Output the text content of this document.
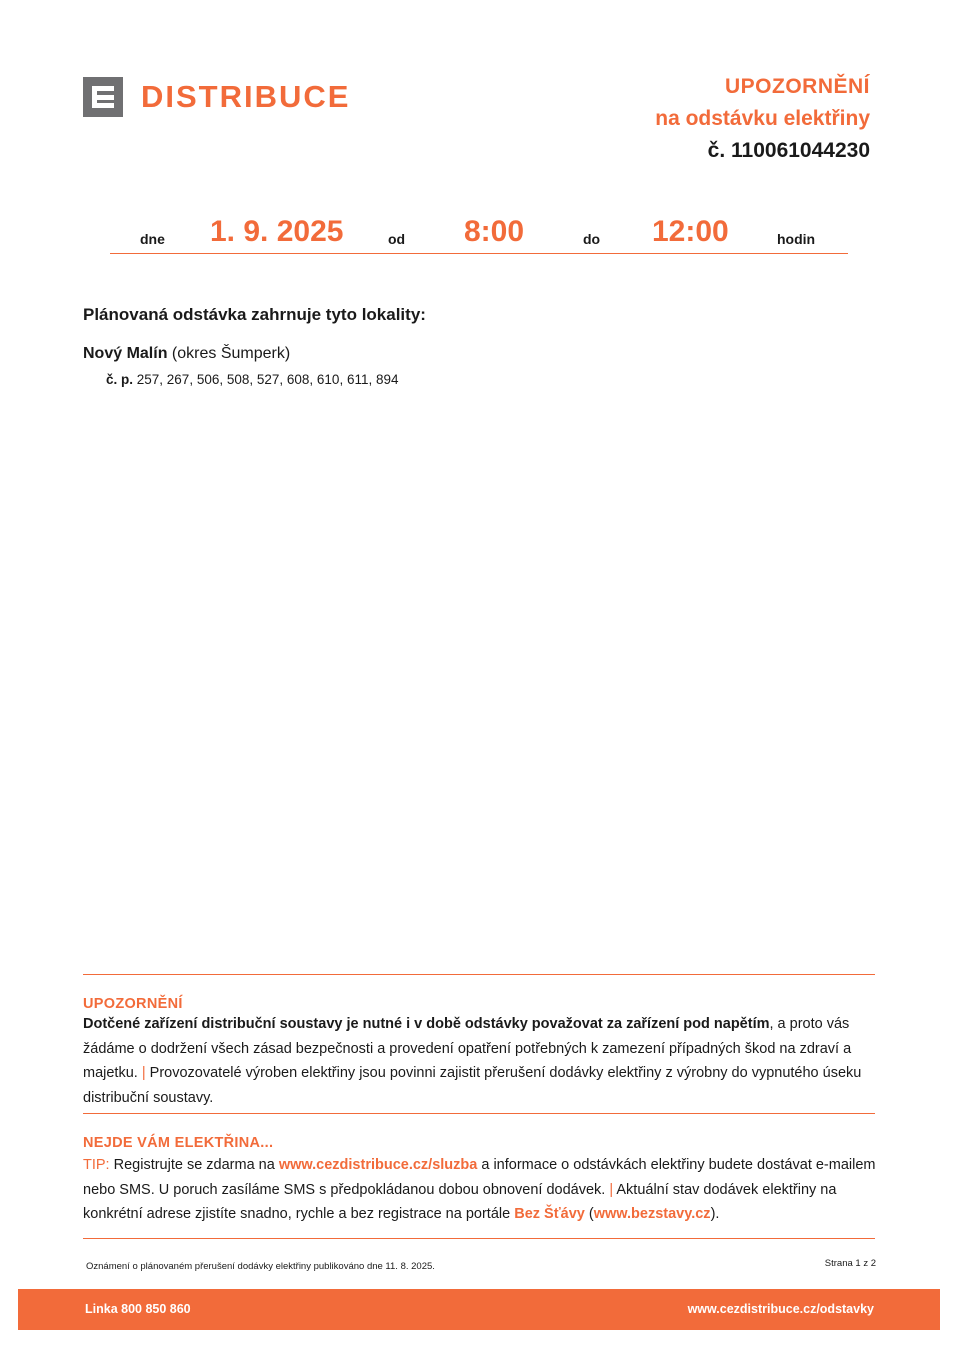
DISTRIBUCE	UPOZORNĚNÍ
na odstávku elektřiny
č. 110061044230
dne 1. 9. 2025	od 8:00	do 12:00	hodin
Plánovaná odstávka zahrnuje tyto lokality:
Nový Malín (okres Šumperk)
č. p. 257, 267, 506, 508, 527, 608, 610, 611, 894
UPOZORNĚNÍ
Dotčené zařízení distribuční soustavy je nutné i v době odstávky považovat za zařízení pod napětím, a proto vás žádáme o dodržení všech zásad bezpečnosti a provedení opatření potřebných k zamezení případných škod na zdraví a majetku. | Provozovatelé výroben elektřiny jsou povinni zajistit přerušení dodávky elektřiny z výrobny do vypnutého úseku distribuční soustavy.
NEJDE VÁM ELEKTŘINA...
TIP: Registrujte se zdarma na www.cezdistribuce.cz/sluzba a informace o odstávkách elektřiny budete dostávat e-mailem nebo SMS. U poruch zasíláme SMS s předpokládanou dobou obnovení dodávek. | Aktuální stav dodávek elektřiny na konkrétní adrese zjistíte snadno, rychle a bez registrace na portále Bez Šťávy (www.bezstavy.cz).
Oznámení o plánovaném přerušení dodávky elektřiny publikováno dne 11. 8. 2025.	Strana 1 z 2
Linka 800 850 860	www.cezdistribuce.cz/odstavky
